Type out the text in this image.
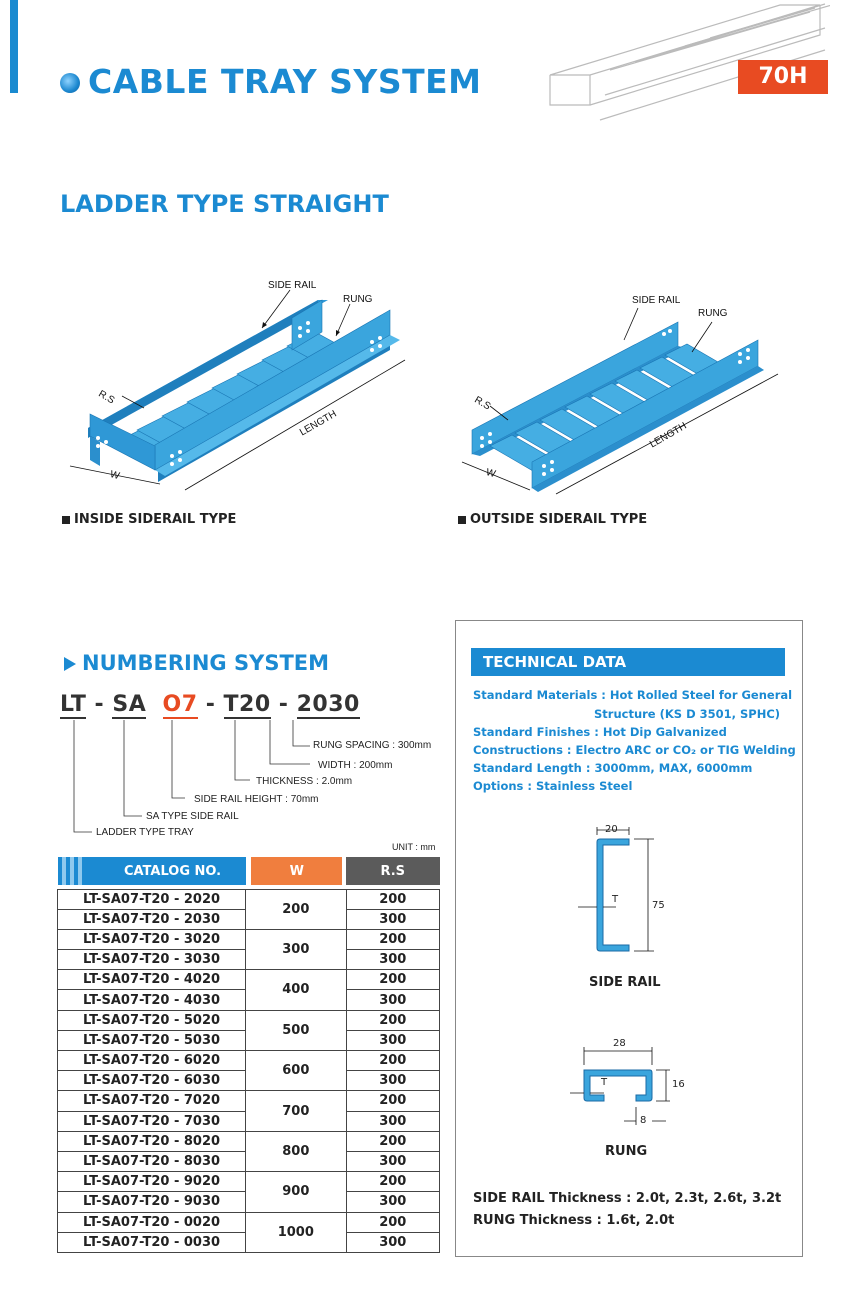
CABLE TRAY SYSTEM	70H
LADDER TYPE STRAIGHT
SIDE RAIL
RUNG
R.S
LENGTH
W
INSIDE SIDERAIL TYPE
SIDE RAIL
RUNG
R.S
LENGTH
W
OUTSIDE SIDERAIL TYPE
NUMBERING SYSTEM
LT - SA O7 - T20 - 2030
RUNG SPACING : 300mm
WIDTH : 200mm
THICKNESS : 2.0mm
SIDE RAIL HEIGHT : 70mm
SA TYPE SIDE RAIL
LADDER TYPE TRAY
UNIT : mm
CATALOG NO.		W		R.S

LT-SA07-T20 - 2020	200			200
LT-SA07-T20 - 2030				300
LT-SA07-T20 - 3020	300			200
LT-SA07-T20 - 3030				300
LT-SA07-T20 - 4020	400			200
LT-SA07-T20 - 4030				300
LT-SA07-T20 - 5020	500			200
LT-SA07-T20 - 5030				300
LT-SA07-T20 - 6020	600			200
LT-SA07-T20 - 6030				300
LT-SA07-T20 - 7020	700			200
LT-SA07-T20 - 7030				300
LT-SA07-T20 - 8020	800			200
LT-SA07-T20 - 8030				300
LT-SA07-T20 - 9020	900			200
LT-SA07-T20 - 9030				300
LT-SA07-T20 - 0020	1000			200
LT-SA07-T20 - 0030				300
TECHNICAL DATA
Standard Materials : Hot Rolled Steel for General
Structure (KS D 3501, SPHC)
Standard Finishes : Hot Dip Galvanized
Constructions : Electro ARC or CO₂ or TIG Welding
Standard Length : 3000mm, MAX, 6000mm
Options : Stainless Steel
20
75
T
SIDE RAIL
28
16
8
T
RUNG
SIDE RAIL Thickness : 2.0t, 2.3t, 2.6t, 3.2t
RUNG Thickness : 1.6t, 2.0t
